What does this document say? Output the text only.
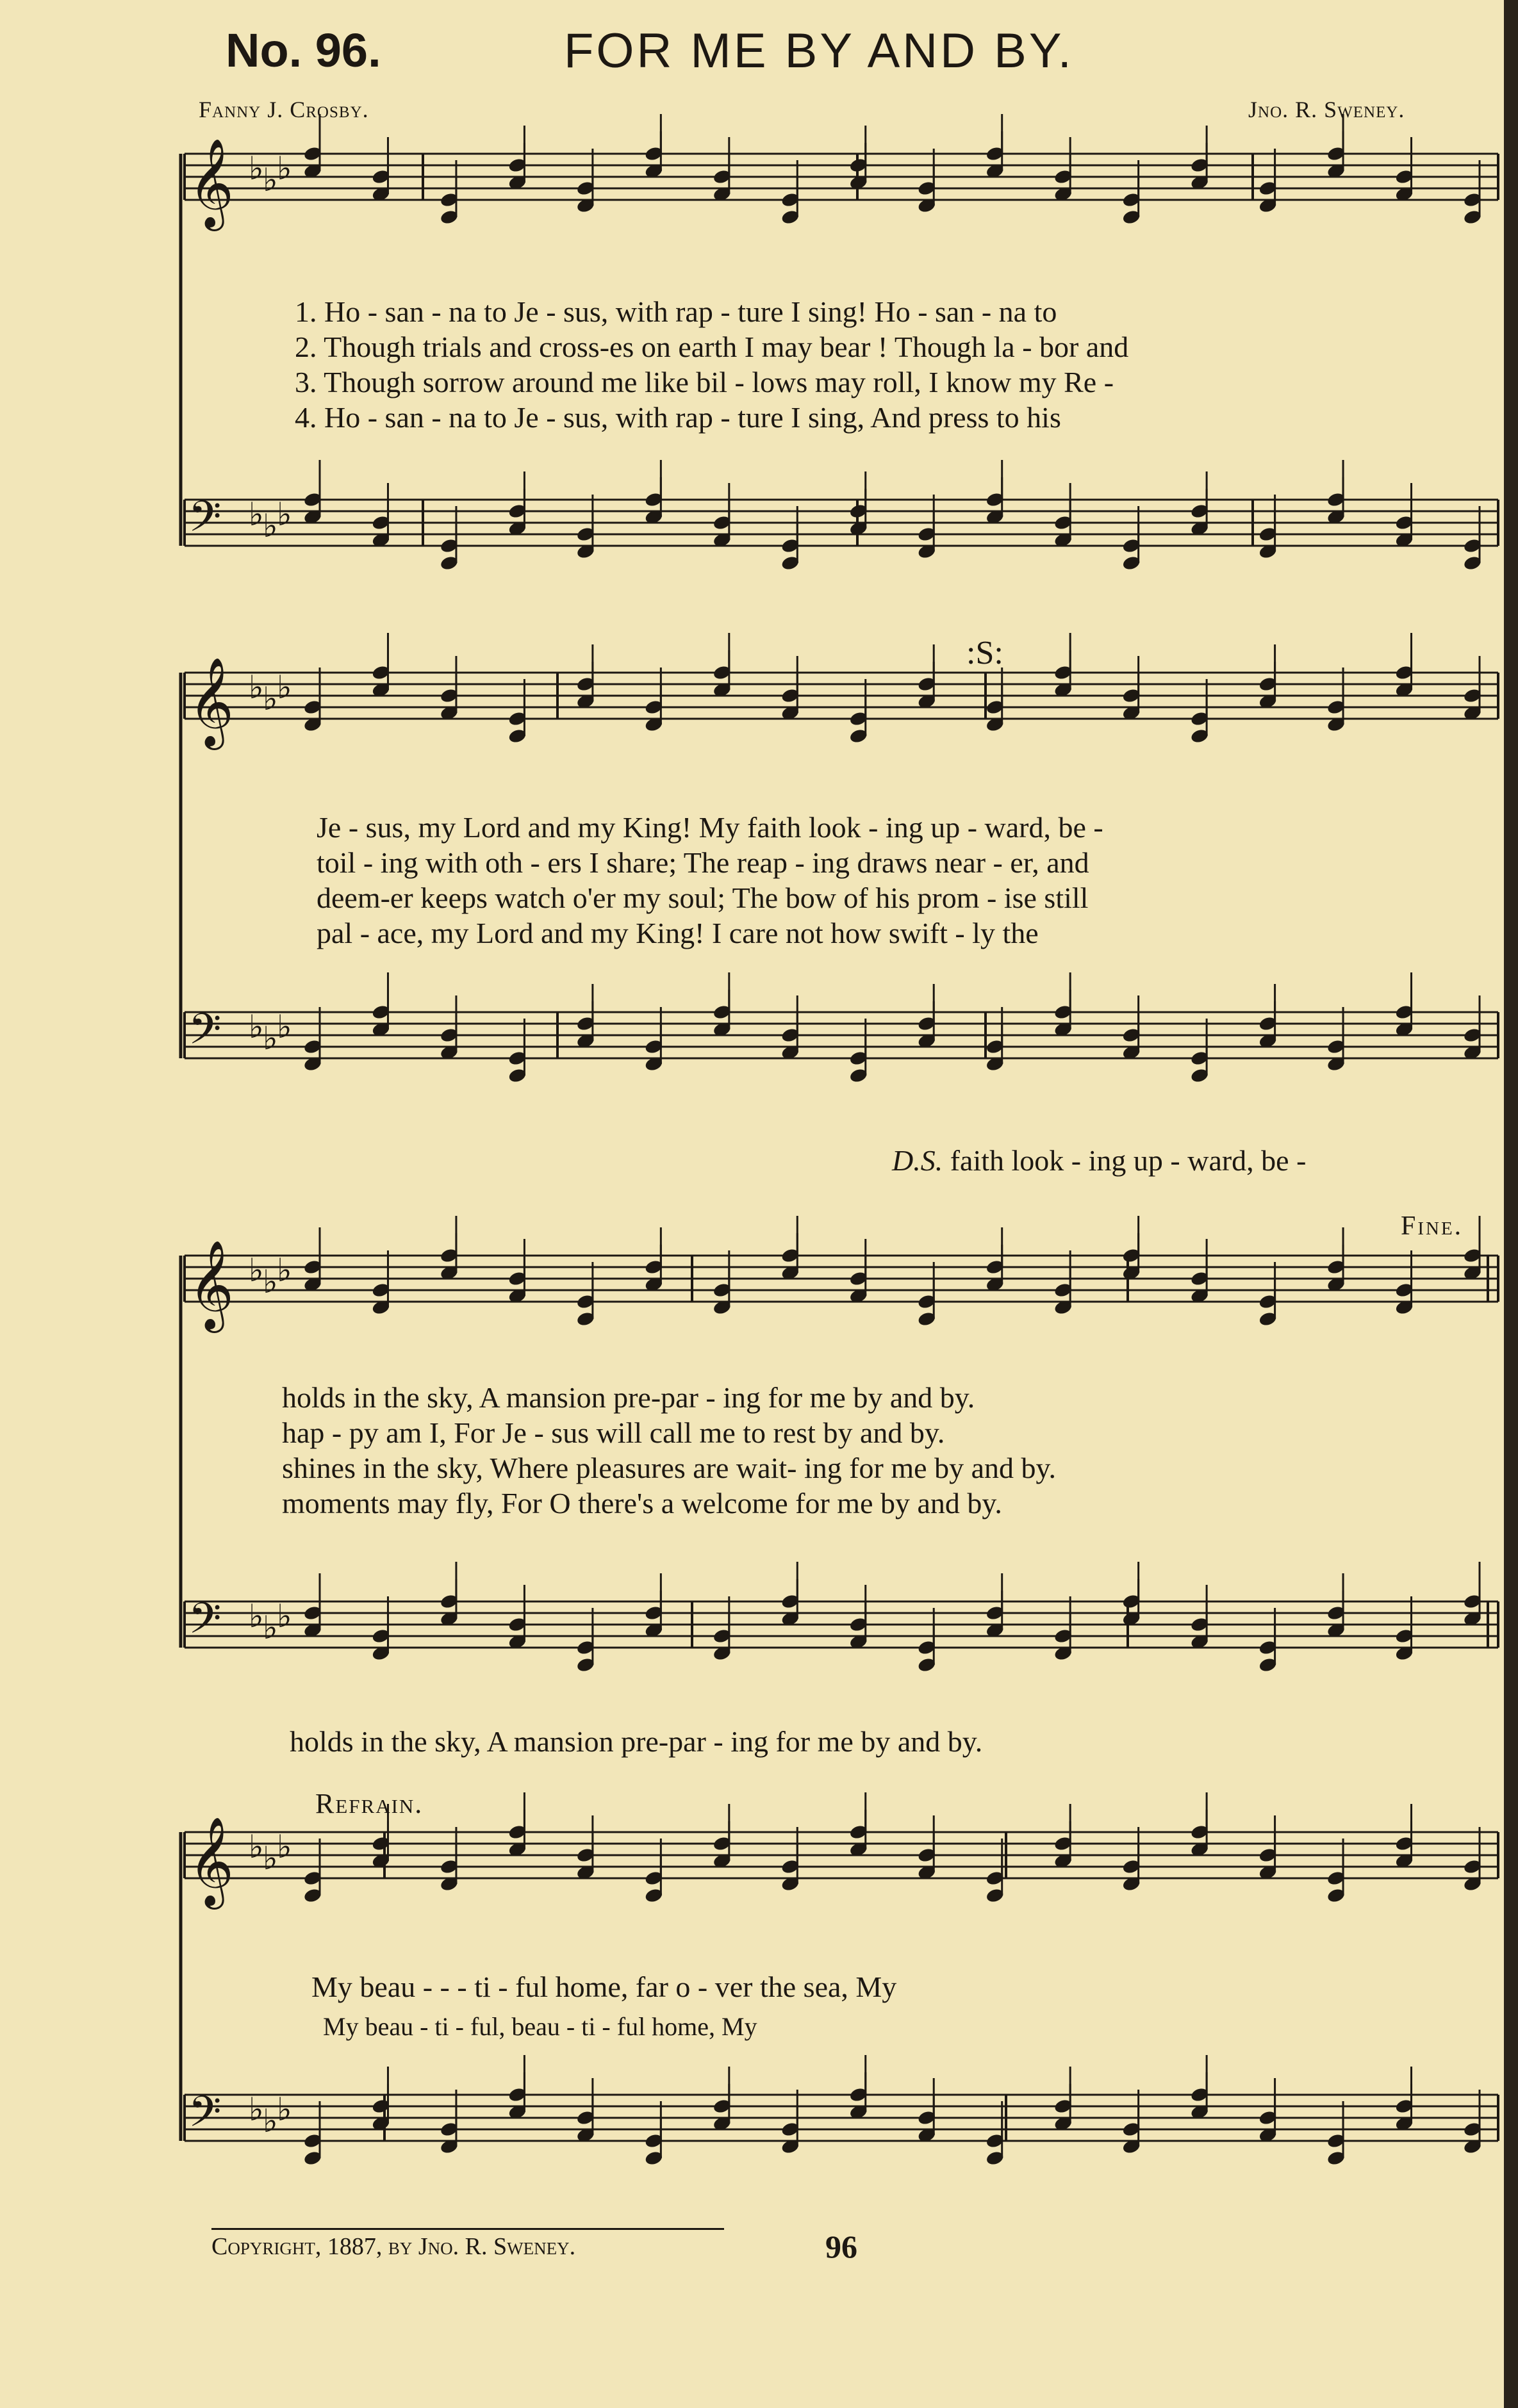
No. 96.	FOR ME BY AND BY.
Fanny J. Crosby.	Jno. R. Sweney.
𝄞 ♭
♭
♭
𝄢 ♭
♭
♭
𝄞 ♭
♭
♭
𝄢 ♭
♭
♭
𝄞 ♭
♭
♭
𝄢 ♭
♭
♭
𝄞 ♭
♭
♭
𝄢 ♭
♭
♭
1. Ho - san - na to Je - sus, with rap - ture I sing! Ho - san - na to
2. Though trials and cross-es on earth I may bear ! Though la - bor and
3. Though sorrow around me like bil - lows may roll, I know my Re -
4. Ho - san - na to Je - sus, with rap - ture I sing, And press to his
:S:
Je - sus, my Lord and my King! My faith look - ing up - ward, be -
toil - ing with oth - ers I share; The reap - ing draws near - er, and
deem-er keeps watch o'er my soul; The bow of his prom - ise still
pal - ace, my Lord and my King! I care not how swift - ly the
D.S. faith look - ing up - ward, be -
Fine.
holds in the sky, A mansion pre-par - ing for me by and by.
hap - py am I, For Je - sus will call me to rest by and by.
shines in the sky, Where pleasures are wait- ing for me by and by.
moments may fly, For O there's a welcome for me by and by.
holds in the sky, A mansion pre-par - ing for me by and by.
Refrain.
My beau - - - ti - ful home, far o - ver the sea, My
My beau - ti - ful, beau - ti - ful home, My
Copyright, 1887, by Jno. R. Sweney.	96
